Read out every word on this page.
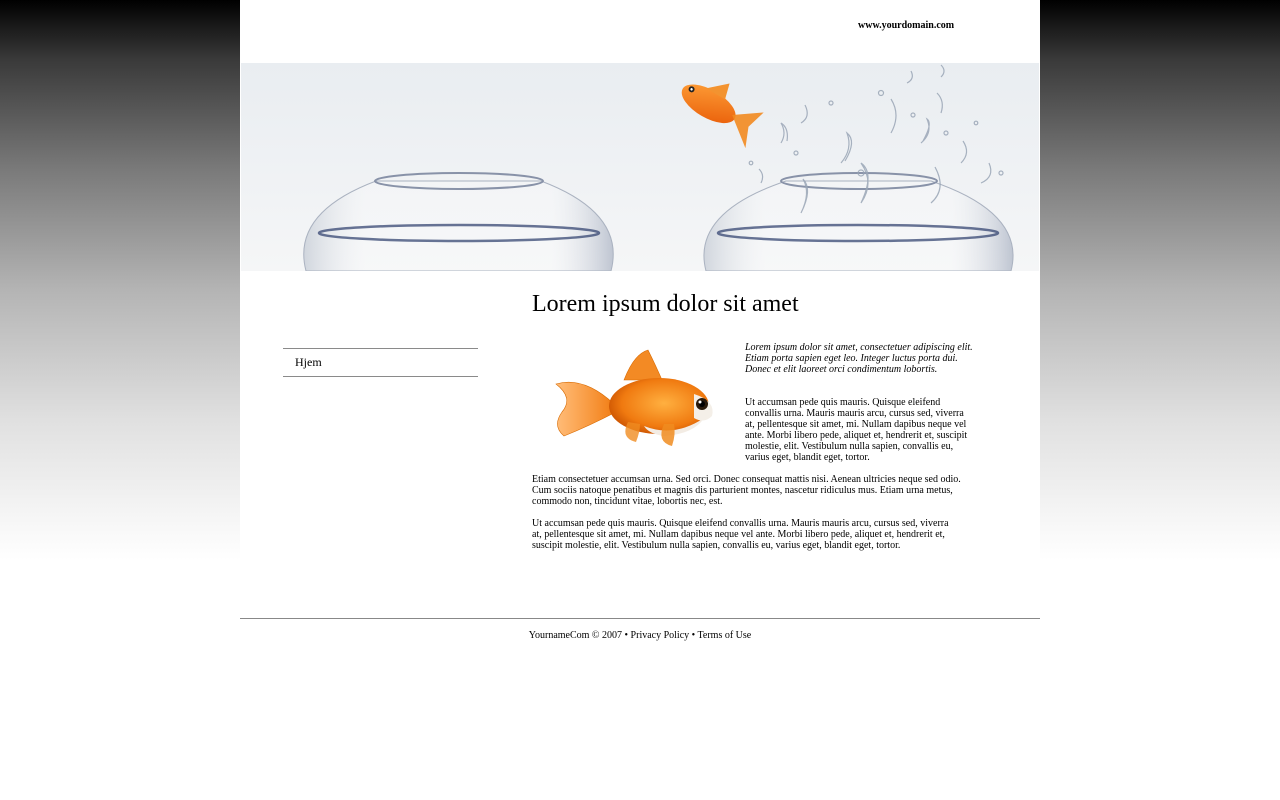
www.yourdomain.com
Lorem ipsum dolor sit amet
Hjem

Lorem ipsum dolor sit amet, consectetuer adipiscing elit. Etiam porta sapien eget leo. Integer luctus porta dui. Donec et elit laoreet orci condimentum lobortis.

Ut accumsan pede quis mauris. Quisque eleifend convallis urna. Mauris mauris arcu, cursus sed, viverra at, pellentesque sit amet, mi. Nullam dapibus neque vel ante. Morbi libero pede, aliquet et, hendrerit et, suscipit molestie, elit. Vestibulum nulla sapien, convallis eu, varius eget, blandit eget, tortor.

Etiam consectetuer accumsan urna. Sed orci. Donec consequat mattis nisi. Aenean ultricies neque sed odio. Cum sociis natoque penatibus et magnis dis parturient montes, nascetur ridiculus mus. Etiam urna metus, commodo non, tincidunt vitae, lobortis nec, est.

Ut accumsan pede quis mauris. Quisque eleifend convallis urna. Mauris mauris arcu, cursus sed, viverra at, pellentesque sit amet, mi. Nullam dapibus neque vel ante. Morbi libero pede, aliquet et, hendrerit et, suscipit molestie, elit. Vestibulum nulla sapien, convallis eu, varius eget, blandit eget, tortor.

YournameCom © 2007 • Privacy Policy • Terms of Use
